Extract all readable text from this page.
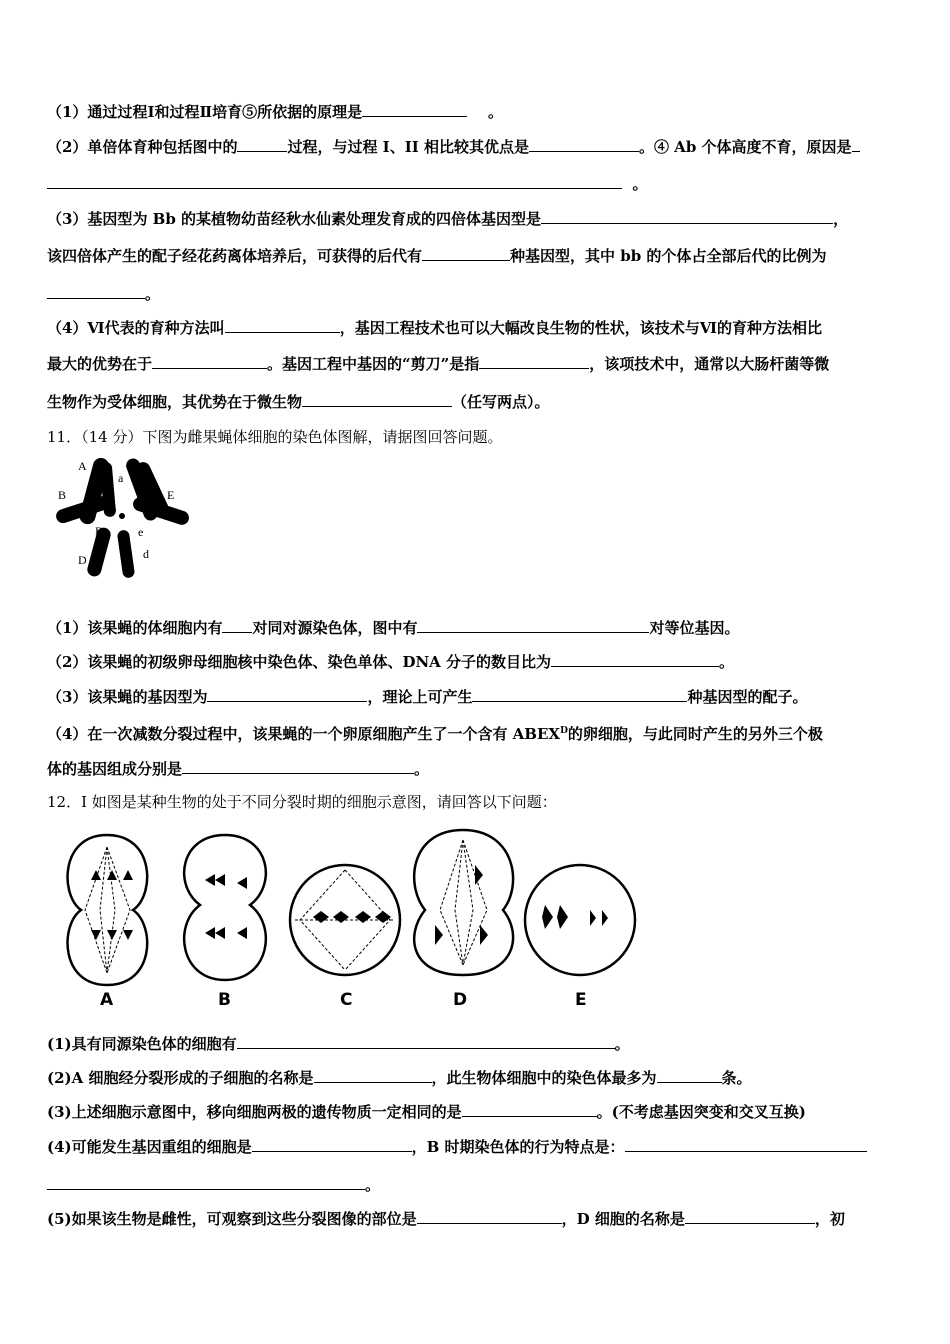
（1）通过过程Ⅰ和过程Ⅱ培育⑤所依据的原理是	。
（2）单倍体育种包括图中的	过程，与过程 I、II 相比较其优点是	。④ Ab 个体高度不育，原因是
。
（3）基因型为 Bb 的某植物幼苗经秋水仙素处理发育成的四倍体基因型是	，
该四倍体产生的配子经花药离体培养后，可获得的后代有	种基因型，其中 bb 的个体占全部后代的比例为
。
（4）Ⅵ代表的育种方法叫	，基因工程技术也可以大幅改良生物的性状，该技术与Ⅵ的育种方法相比
最大的优势在于	。基因工程中基因的“剪刀”是指	，该项技术中，通常以大肠杆菌等微
生物作为受体细胞，其优势在于微生物	（任写两点）。
11．（14 分）下图为雌果蝇体细胞的染色体图解，请据图回答问题。
A
a
B	E
B	e
D	d
（1）该果蝇的体细胞内有 对同对源染色体，图中有	对等位基因。
（2）该果蝇的初级卵母细胞核中染色体、染色单体、DNA 分子的数目比为	。
（3）该果蝇的基因型为	，理论上可产生	种基因型的配子。
（4）在一次减数分裂过程中，该果蝇的一个卵原细胞产生了一个含有 $ABEX^D$的卵细胞，与此同时产生的另外三个极
体的基因组成分别是	。
12．I 如图是某种生物的处于不同分裂时期的细胞示意图，请回答以下问题：
A	B	C	D	E
(1)具有同源染色体的细胞有	。
(2)A 细胞经分裂形成的子细胞的名称是	，此生物体细胞中的染色体最多为	条。
(3)上述细胞示意图中，移向细胞两极的遗传物质一定相同的是	。(不考虑基因突变和交叉互换)
(4)可能发生基因重组的细胞是	，B 时期染色体的行为特点是：
。
(5)如果该生物是雌性，可观察到这些分裂图像的部位是	，D 细胞的名称是	，初
